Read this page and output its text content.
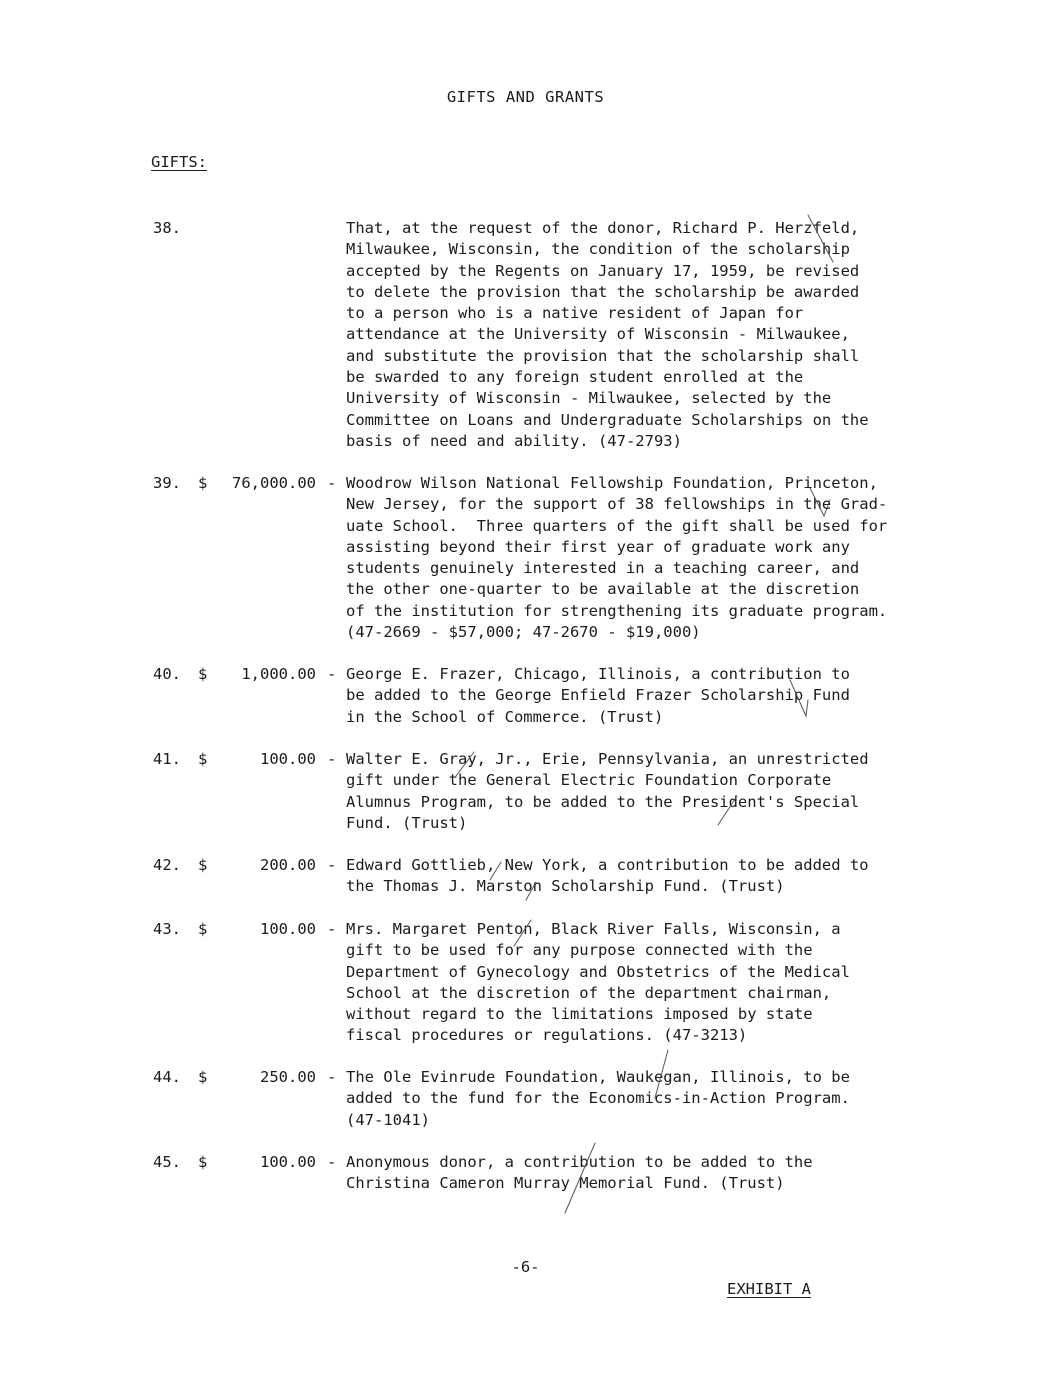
GIFTS AND GRANTS
GIFTS:
38.	That, at the request of the donor, Richard P. Herzfeld,
Milwaukee, Wisconsin, the condition of the scholarship
accepted by the Regents on January 17, 1959, be revised
to delete the provision that the scholarship be awarded
to a person who is a native resident of Japan for
attendance at the University of Wisconsin - Milwaukee,
and substitute the provision that the scholarship shall
be swarded to any foreign student enrolled at the
University of Wisconsin - Milwaukee, selected by the
Committee on Loans and Undergraduate Scholarships on the
basis of need and ability. (47-2793)
39.	$ 76,000.00 - Woodrow Wilson National Fellowship Foundation, Princeton,
New Jersey, for the support of 38 fellowships in the Grad-
uate School.  Three quarters of the gift shall be used for
assisting beyond their first year of graduate work any
students genuinely interested in a teaching career, and
the other one-quarter to be available at the discretion
of the institution for strengthening its graduate program.
(47-2669 - $57,000; 47-2670 - $19,000)
40.	$ 1,000.00 - George E. Frazer, Chicago, Illinois, a contribution to
be added to the George Enfield Frazer Scholarship Fund
in the School of Commerce. (Trust)
41.	$	100.00 - Walter E. Gray, Jr., Erie, Pennsylvania, an unrestricted
gift under the General Electric Foundation Corporate
Alumnus Program, to be added to the President's Special
Fund. (Trust)
42.	$	200.00 - Edward Gottlieb, New York, a contribution to be added to
the Thomas J. Marston Scholarship Fund. (Trust)
43.	$	100.00 - Mrs. Margaret Penton, Black River Falls, Wisconsin, a
gift to be used for any purpose connected with the
Department of Gynecology and Obstetrics of the Medical
School at the discretion of the department chairman,
without regard to the limitations imposed by state
fiscal procedures or regulations. (47-3213)
44.	$	250.00 - The Ole Evinrude Foundation, Waukegan, Illinois, to be
added to the fund for the Economics-in-Action Program.
(47-1041)
45.	$	100.00 - Anonymous donor, a contribution to be added to the
Christina Cameron Murray Memorial Fund. (Trust)
-6-
EXHIBIT A
